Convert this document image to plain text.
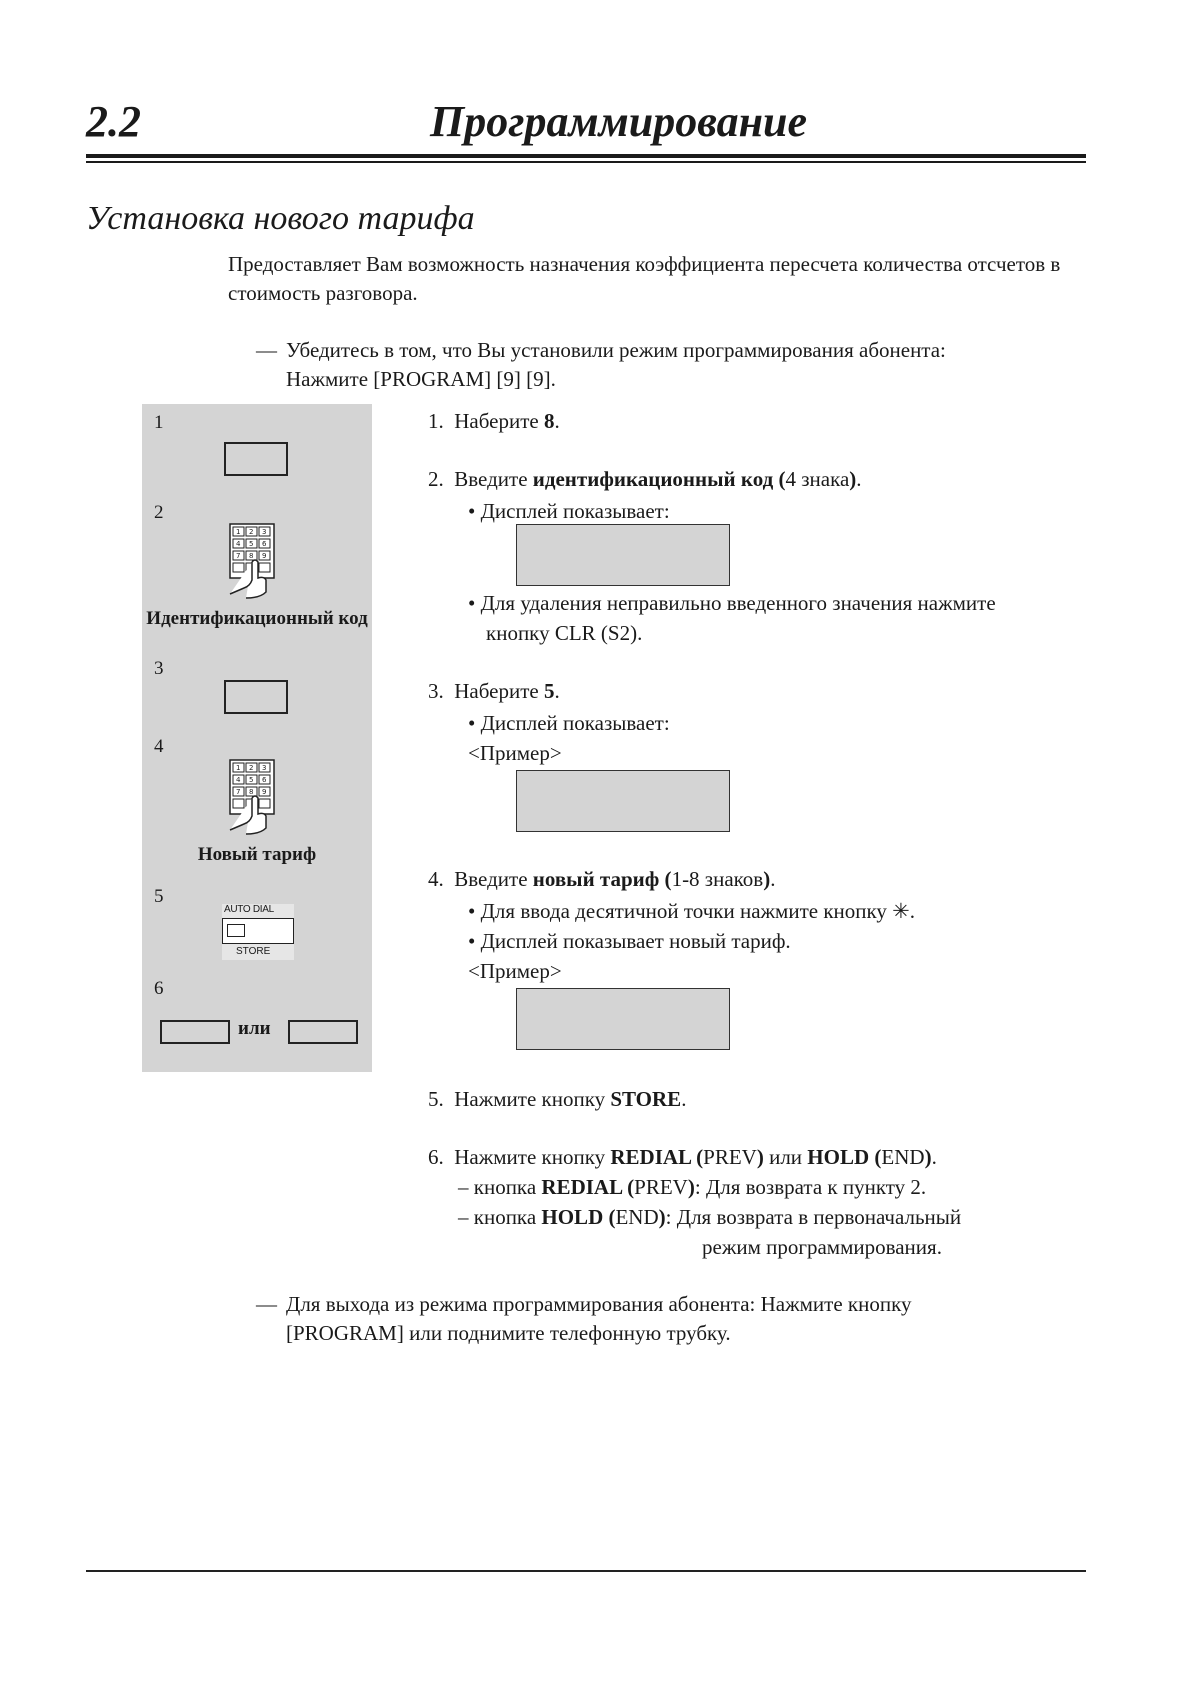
2.2	Программирование
Установка нового тарифа
Предоставляет Вам возможность назначения коэффициента пересчета количества отсчетов в стоимость разговора.
— Убедитесь в том, что Вы установили режим программирования абонента:
Нажмите [PROGRAM] [9] [9].
1
2
1 2 3
4 5 6
7 8 9
Идентификационный код
3
4
1 2 3
4 5 6
7 8 9
Новый тариф
5
AUTO DIAL
STORE
6
или
1. Наберите 8.
2. Введите идентификационный код (4 знака).
• Дисплей показывает:
• Для удаления неправильно введенного значения нажмите
кнопку CLR (S2).
3. Наберите 5.
• Дисплей показывает:
<Пример>
4. Введите новый тариф (1-8 знаков).
• Для ввода десятичной точки нажмите кнопку ✳.
• Дисплей показывает новый тариф.
<Пример>
5. Нажмите кнопку STORE.
6. Нажмите кнопку REDIAL (PREV) или HOLD (END).
– кнопка REDIAL (PREV): Для возврата к пункту 2.
– кнопка HOLD (END): Для возврата в первоначальный
режим программирования.
— Для выхода из режима программирования абонента: Нажмите кнопку
[PROGRAM] или поднимите телефонную трубку.
